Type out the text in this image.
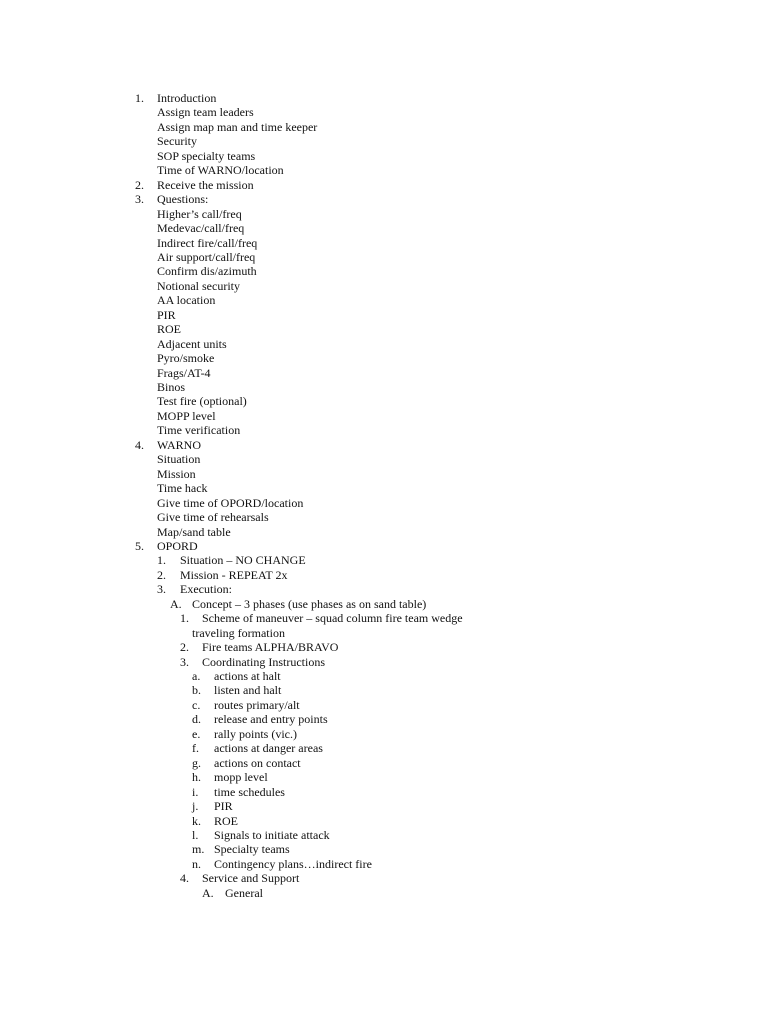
1. Introduction
Assign team leaders
Assign map man and time keeper
Security
SOP specialty teams
Time of WARNO/location
2. Receive the mission
3. Questions:
Higher’s call/freq
Medevac/call/freq
Indirect fire/call/freq
Air support/call/freq
Confirm dis/azimuth
Notional security
AA location
PIR
ROE
Adjacent units
Pyro/smoke
Frags/AT-4
Binos
Test fire (optional)
MOPP level
Time verification
4. WARNO
Situation
Mission
Time hack
Give time of OPORD/location
Give time of rehearsals
Map/sand table
5. OPORD
1. Situation – NO CHANGE
2. Mission - REPEAT 2x
3. Execution:
A. Concept – 3 phases (use phases as on sand table)
1. Scheme of maneuver – squad column fire team wedge
traveling formation
2. Fire teams ALPHA/BRAVO
3. Coordinating Instructions
a. actions at halt
b. listen and halt
c. routes primary/alt
d. release and entry points
e. rally points (vic.)
f. actions at danger areas
g. actions on contact
h. mopp level
i. time schedules
j. PIR
k. ROE
l. Signals to initiate attack
m. Specialty teams
n. Contingency plans…indirect fire
4. Service and Support
A. General
